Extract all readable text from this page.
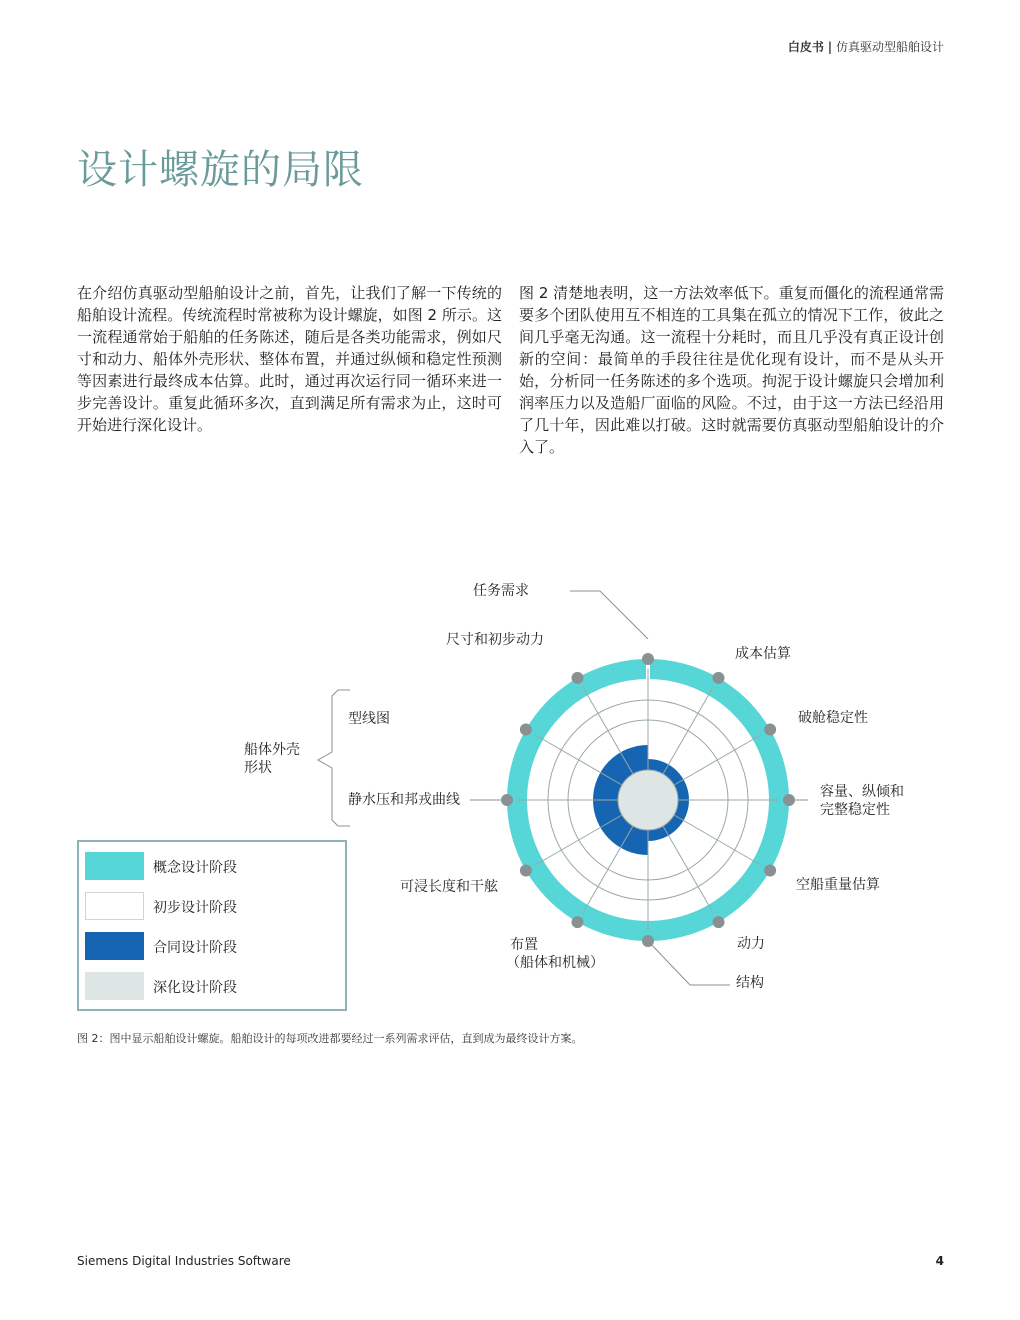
白皮书 | 仿真驱动型船舶设计
设计螺旋的局限
在介绍仿真驱动型船舶设计之前，首先，让我们了解一下传统的船舶设计流程。传统流程时常被称为设计螺旋，如图 2 所示。这一流程通常始于船舶的任务陈述，随后是各类功能需求，例如尺寸和动力、船体外壳形状、整体布置，并通过纵倾和稳定性预测等因素进行最终成本估算。此时，通过再次运行同一循环来进一步完善设计。重复此循环多次，直到满足所有需求为止，这时可开始进行深化设计。
图 2 清楚地表明，这一方法效率低下。重复而僵化的流程通常需要多个团队使用互不相连的工具集在孤立的情况下工作，彼此之间几乎毫无沟通。这一流程十分耗时，而且几乎没有真正设计创新的空间：最简单的手段往往是优化现有设计，而不是从头开始，分析同一任务陈述的多个选项。拘泥于设计螺旋只会增加利润率压力以及造船厂面临的风险。不过，由于这一方法已经沿用了几十年，因此难以打破。这时就需要仿真驱动型船舶设计的介入了。
任务需求
尺寸和初步动力
成本估算
型线图	破舱稳定性
船体外壳
形状
静水压和邦戎曲线	容量、纵倾和
完整稳定性
可浸长度和干舷	空船重量估算
布置
（船体和机械）
动力
结构
概念设计阶段
初步设计阶段
合同设计阶段
深化设计阶段
图 2：图中显示船舶设计螺旋。船舶设计的每项改进都要经过一系列需求评估，直到成为最终设计方案。
Siemens Digital Industries Software	4
